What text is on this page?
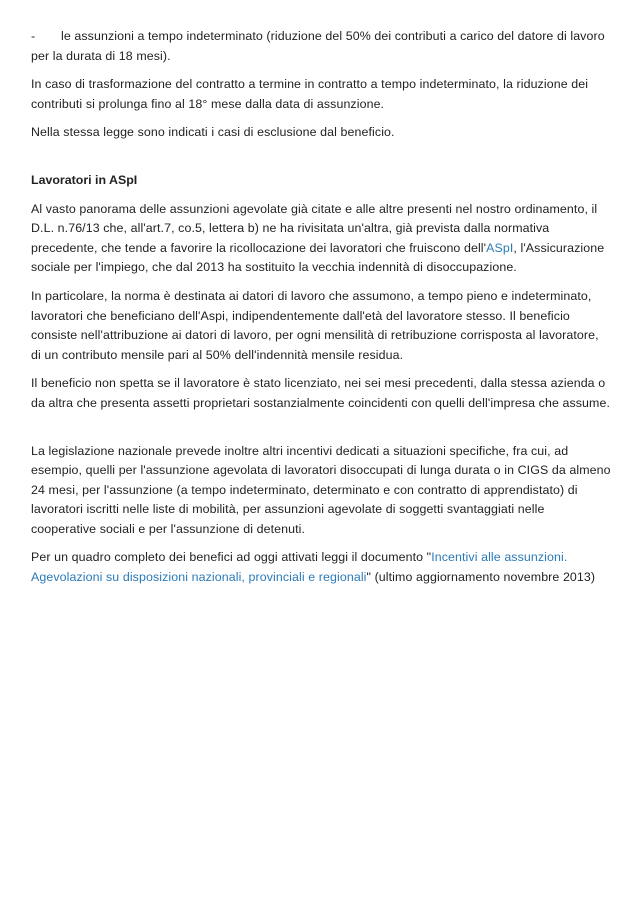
- le assunzioni a tempo indeterminato (riduzione del 50% dei contributi a carico del datore di lavoro per la durata di 18 mesi).

In caso di trasformazione del contratto a termine in contratto a tempo indeterminato, la riduzione dei contributi si prolunga fino al 18° mese dalla data di assunzione.

Nella stessa legge sono indicati i casi di esclusione dal beneficio.

Lavoratori in ASpI

Al vasto panorama delle assunzioni agevolate già citate e alle altre presenti nel nostro ordinamento, il D.L. n.76/13 che, all'art.7, co.5, lettera b) ne ha rivisitata un'altra, già prevista dalla normativa precedente, che tende a favorire la ricollocazione dei lavoratori che fruiscono dell'ASpI, l'Assicurazione sociale per l'impiego, che dal 2013 ha sostituito la vecchia indennità di disoccupazione.

In particolare, la norma è destinata ai datori di lavoro che assumono, a tempo pieno e indeterminato, lavoratori che beneficiano dell'Aspi, indipendentemente dall'età del lavoratore stesso. Il beneficio consiste nell'attribuzione ai datori di lavoro, per ogni mensilità di retribuzione corrisposta al lavoratore, di un contributo mensile pari al 50% dell'indennità mensile residua.

Il beneficio non spetta se il lavoratore è stato licenziato, nei sei mesi precedenti, dalla stessa azienda o da altra che presenta assetti proprietari sostanzialmente coincidenti con quelli dell'impresa che assume.

La legislazione nazionale prevede inoltre altri incentivi dedicati a situazioni specifiche, fra cui, ad esempio, quelli per l'assunzione agevolata di lavoratori disoccupati di lunga durata o in CIGS da almeno 24 mesi, per l'assunzione (a tempo indeterminato, determinato e con contratto di apprendistato) di lavoratori iscritti nelle liste di mobilità, per assunzioni agevolate di soggetti svantaggiati nelle cooperative sociali e per l'assunzione di detenuti.

Per un quadro completo dei benefici ad oggi attivati leggi il documento "Incentivi alle assunzioni. Agevolazioni su disposizioni nazionali, provinciali e regionali" (ultimo aggiornamento novembre 2013)
